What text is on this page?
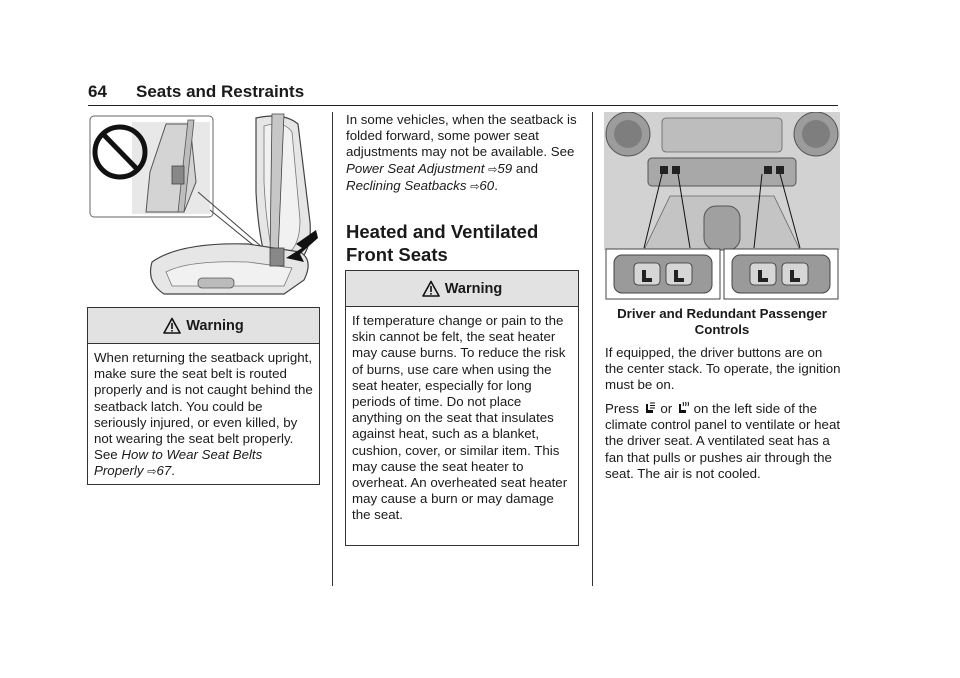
64 Seats and Restraints
Warning
When returning the seatback upright, make sure the seat belt is routed properly and is not caught behind the seatback latch. You could be seriously injured, or even killed, by not wearing the seat belt properly. See How to Wear Seat Belts Properly ⇨67.
In some vehicles, when the seatback is folded forward, some power seat adjustments may not be available. See Power Seat Adjustment ⇨59 and Reclining Seatbacks ⇨60.
Heated and Ventilated Front Seats
Warning
If temperature change or pain to the skin cannot be felt, the seat heater may cause burns. To reduce the risk of burns, use care when using the seat heater, especially for long periods of time. Do not place anything on the seat that insulates against heat, such as a blanket, cushion, cover, or similar item. This may cause the seat heater to overheat. An overheated seat heater may cause a burn or may damage the seat.
Driver and Redundant Passenger Controls
If equipped, the driver buttons are on the center stack. To operate, the ignition must be on.
Press  or  on the left side of the climate control panel to ventilate or heat the driver seat. A ventilated seat has a fan that pulls or pushes air through the seat. The air is not cooled.
